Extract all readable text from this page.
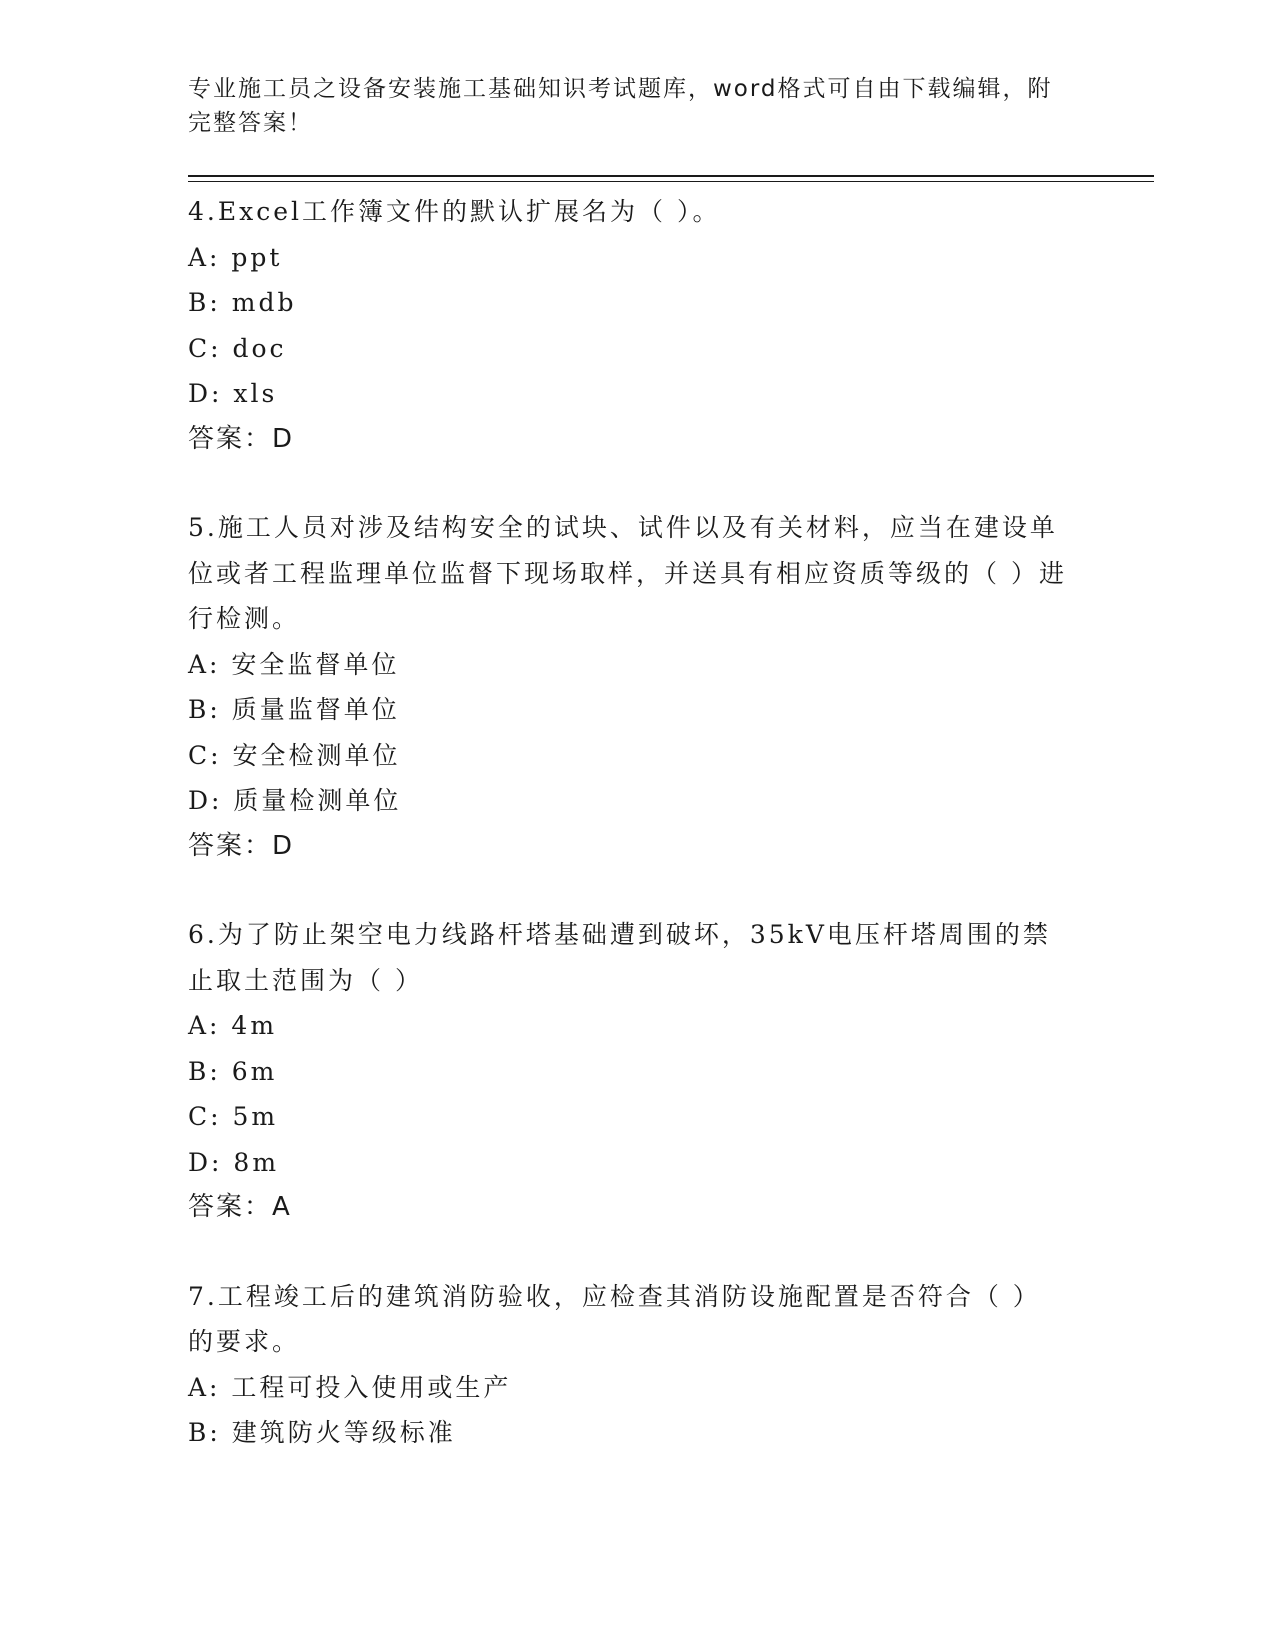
专业施工员之设备安装施工基础知识考试题库，word格式可自由下载编辑，附完整答案！

4.Excel工作簿文件的默认扩展名为（ ）。

A: ppt

B: mdb

C: doc

D: xls

答案：D

5.施工人员对涉及结构安全的试块、试件以及有关材料，应当在建设单位或者工程监理单位监督下现场取样，并送具有相应资质等级的（ ）进行检测。

A: 安全监督单位

B: 质量监督单位

C: 安全检测单位

D: 质量检测单位

答案：D

6.为了防止架空电力线路杆塔基础遭到破坏，35kV电压杆塔周围的禁止取土范围为（ ）

A: 4m

B: 6m

C: 5m

D: 8m

答案：A

7.工程竣工后的建筑消防验收，应检查其消防设施配置是否符合（ ）的要求。

A: 工程可投入使用或生产

B: 建筑防火等级标准
